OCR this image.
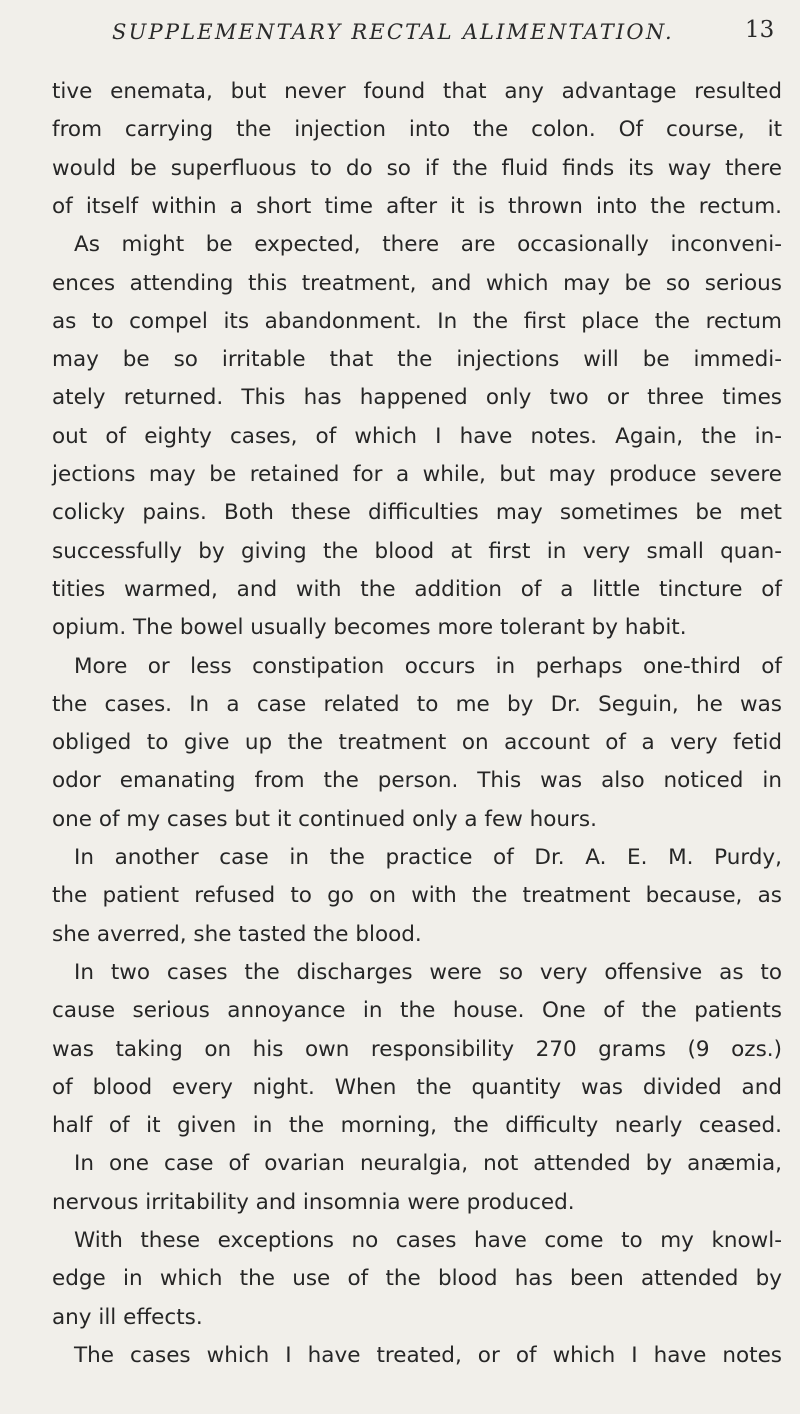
SUPPLEMENTARY RECTAL ALIMENTATION.	13
tive enemata, but never found that any advantage resulted
from carrying the injection into the colon. Of course, it
would be superfluous to do so if the fluid finds its way there
of itself within a short time after it is thrown into the rectum.
As might be expected, there are occasionally inconveni-
ences attending this treatment, and which may be so serious
as to compel its abandonment. In the first place the rectum
may be so irritable that the injections will be immedi-
ately returned. This has happened only two or three times
out of eighty cases, of which I have notes. Again, the in-
jections may be retained for a while, but may produce severe
colicky pains. Both these difficulties may sometimes be met
successfully by giving the blood at first in very small quan-
tities warmed, and with the addition of a little tincture of
opium. The bowel usually becomes more tolerant by habit.
More or less constipation occurs in perhaps one-third of
the cases. In a case related to me by Dr. Seguin, he was
obliged to give up the treatment on account of a very fetid
odor emanating from the person. This was also noticed in
one of my cases but it continued only a few hours.
In another case in the practice of Dr. A. E. M. Purdy,
the patient refused to go on with the treatment because, as
she averred, she tasted the blood.
In two cases the discharges were so very offensive as to
cause serious annoyance in the house. One of the patients
was taking on his own responsibility 270 grams (9 ozs.)
of blood every night. When the quantity was divided and
half of it given in the morning, the difficulty nearly ceased.
In one case of ovarian neuralgia, not attended by anæmia,
nervous irritability and insomnia were produced.
With these exceptions no cases have come to my knowl-
edge in which the use of the blood has been attended by
any ill effects.
The cases which I have treated, or of which I have notes
